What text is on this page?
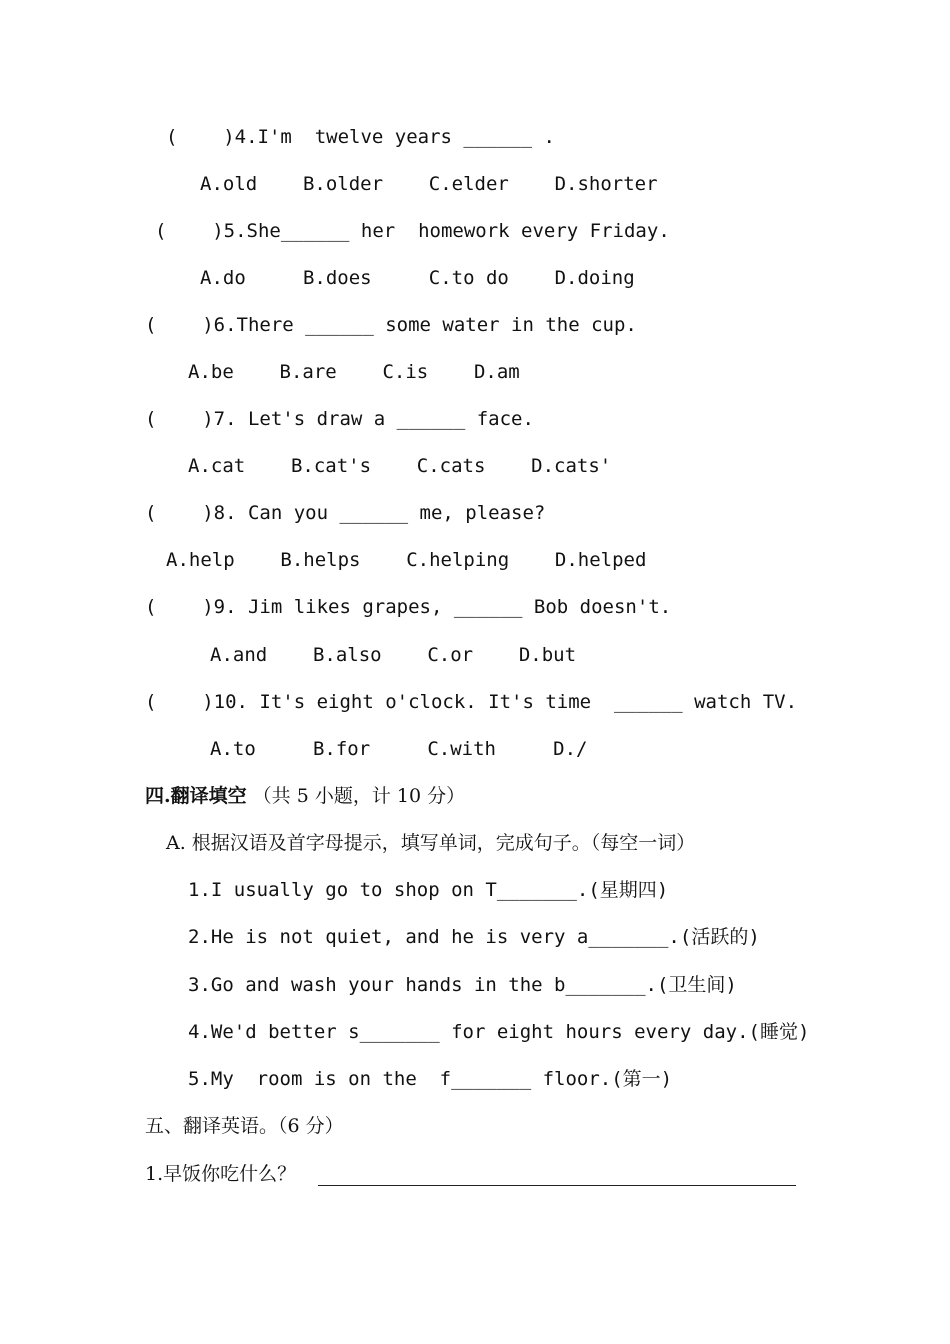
(    )4.I'm  twelve years ______ .
A.old    B.older    C.elder    D.shorter
(    )5.She______ her  homework every Friday.
A.do     B.does     C.to do    D.doing
(    )6.There ______ some water in the cup.
A.be    B.are    C.is    D.am
(    )7. Let's draw a ______ face.
A.cat    B.cat's    C.cats    D.cats'
(    )8. Can you ______ me, please?
A.help    B.helps    C.helping    D.helped
(    )9. Jim likes grapes, ______ Bob doesn't.
A.and    B.also    C.or    D.but
(    )10. It's eight o'clock. It's time  ______ watch TV.
A.to     B.for     C.with     D./
四.翻译填空 （共 5 小题，计 10 分）
A. 根据汉语及首字母提示，填写单词，完成句子。（每空一词）
1.I usually go to shop on T_______.(星期四)
2.He is not quiet, and he is very a_______.(活跃的)
3.Go and wash your hands in the b_______.(卫生间)
4.We'd better s_______ for eight hours every day.(睡觉)
5.My  room is on the  f_______ floor.(第一)
五、翻译英语。（6 分）
1.早饭你吃什么？
